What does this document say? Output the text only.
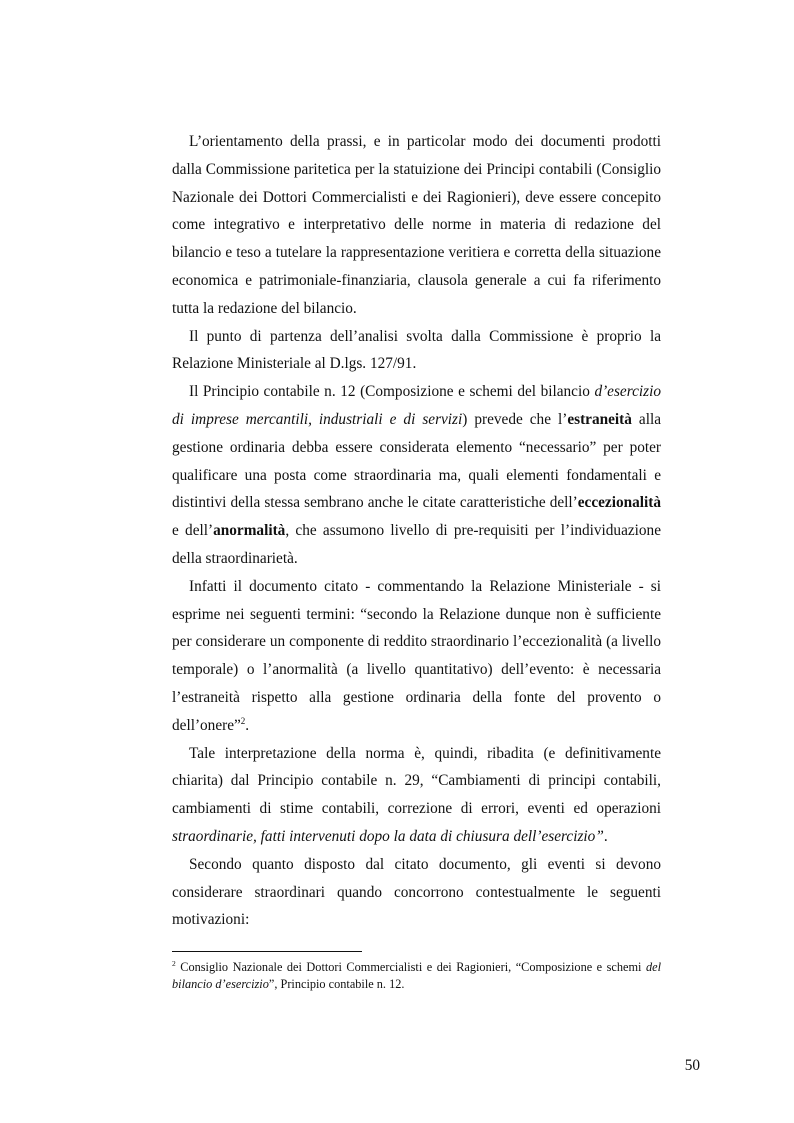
L’orientamento della prassi, e in particolar modo dei documenti prodotti dalla Commissione paritetica per la statuizione dei Principi contabili (Consiglio Nazionale dei Dottori Commercialisti e dei Ragionieri), deve essere concepito come integrativo e interpretativo delle norme in materia di redazione del bilancio e teso a tutelare la rappresentazione veritiera e corretta della situazione economica e patrimoniale-finanziaria, clausola generale a cui fa riferimento tutta la redazione del bilancio.

Il punto di partenza dell’analisi svolta dalla Commissione è proprio la Relazione Ministeriale al D.lgs. 127/91.

Il Principio contabile n. 12 (Composizione e schemi del bilancio d’esercizio di imprese mercantili, industriali e di servizi) prevede che l’estraneità alla gestione ordinaria debba essere considerata elemento “necessario” per poter qualificare una posta come straordinaria ma, quali elementi fondamentali e distintivi della stessa sembrano anche le citate caratteristiche dell’eccezionalità e dell’anormalità, che assumono livello di pre-requisiti per l’individuazione della straordinarietà.

Infatti il documento citato - commentando la Relazione Ministeriale - si esprime nei seguenti termini: “secondo la Relazione dunque non è sufficiente per considerare un componente di reddito straordinario l’eccezionalità (a livello temporale) o l’anormalità (a livello quantitativo) dell’evento: è necessaria l’estraneità rispetto alla gestione ordinaria della fonte del provento o dell’onere”$^2$.

Tale interpretazione della norma è, quindi, ribadita (e definitivamente chiarita) dal Principio contabile n. 29, “Cambiamenti di principi contabili, cambiamenti di stime contabili, correzione di errori, eventi ed operazioni straordinarie, fatti intervenuti dopo la data di chiusura dell’esercizio”.

Secondo quanto disposto dal citato documento, gli eventi si devono considerare straordinari quando concorrono contestualmente le seguenti motivazioni:

$^2$ Consiglio Nazionale dei Dottori Commercialisti e dei Ragionieri, “Composizione e schemi del bilancio d’esercizio”, Principio contabile n. 12.
50
